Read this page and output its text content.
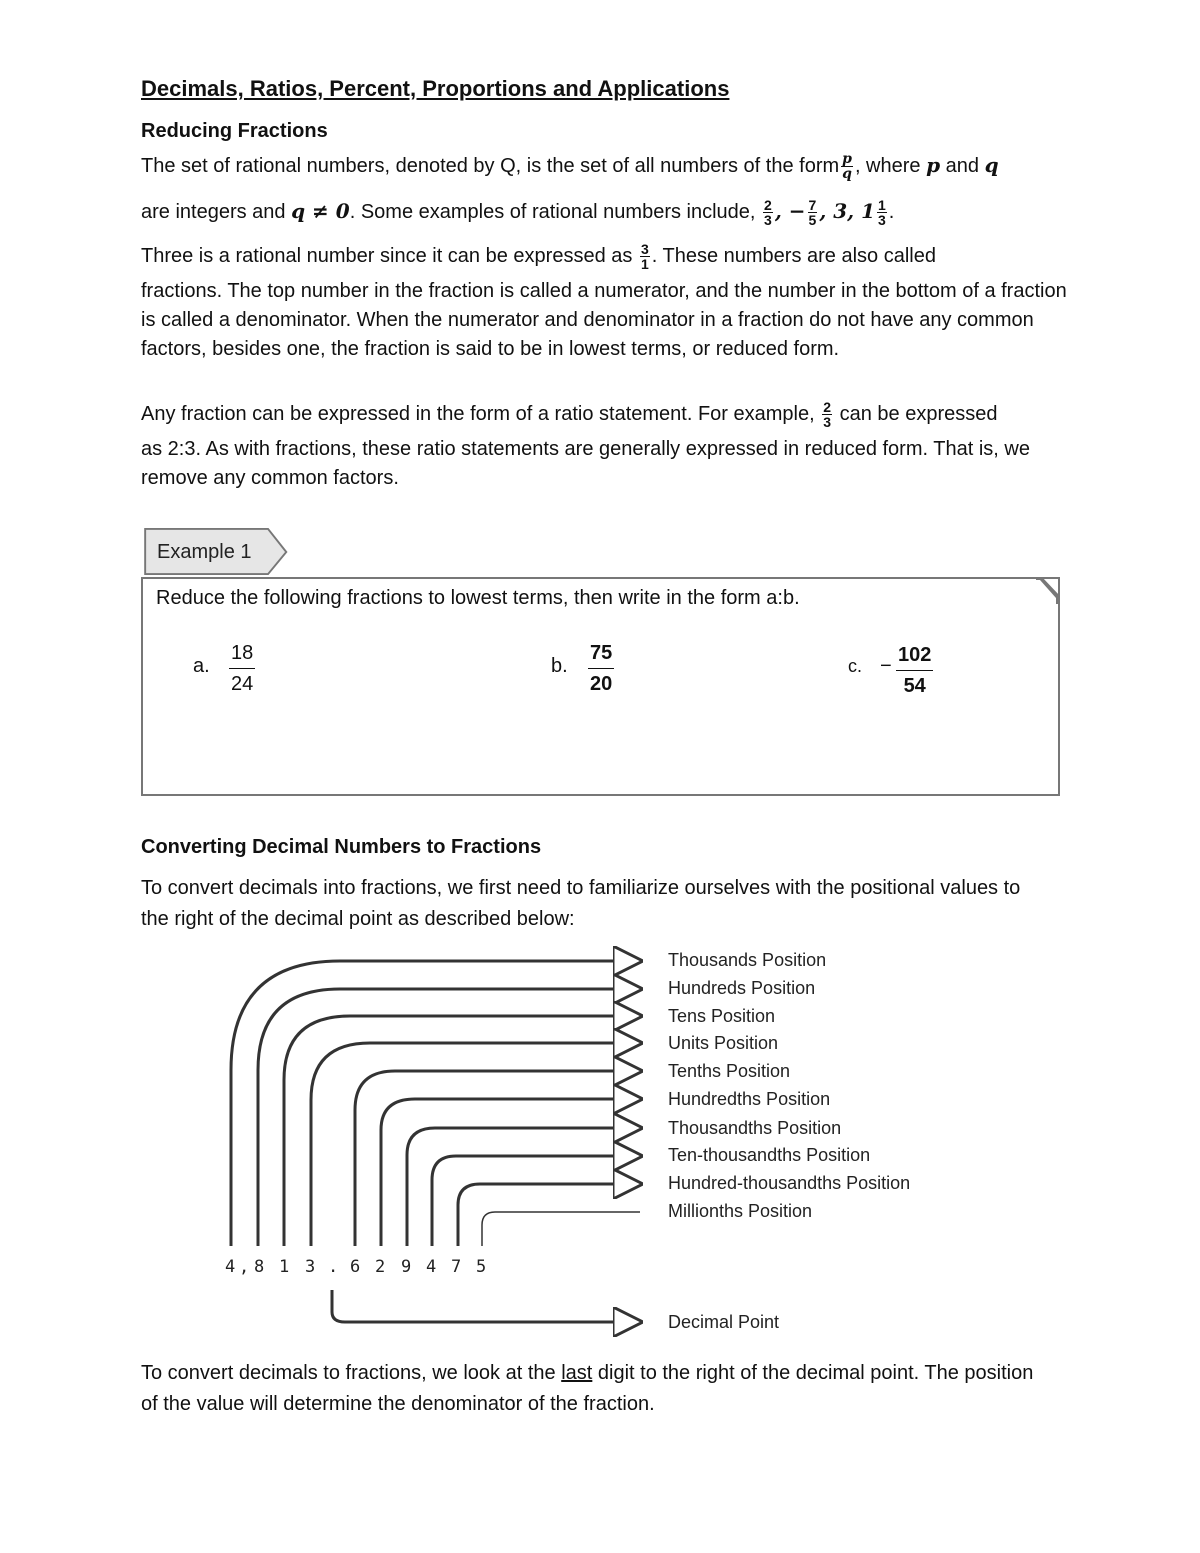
Decimals, Ratios, Percent, Proportions and Applications
Reducing Fractions
The set of rational numbers, denoted by Q, is the set of all numbers of the form $\frac{p}{q}$ , where p and q
are integers and q ≠ 0. Some examples of rational numbers include, $\frac{2}{3}$ , − $\frac{7}{5}$ , 3, $1 \frac{1}{3}$ .
Three is a rational number since it can be expressed as $\frac{3}{1}$ . These numbers are also called
fractions. The top number in the fraction is called a numerator, and the number in the bottom of a fraction is called a denominator. When the numerator and denominator in a fraction do not have any common factors, besides one, the fraction is said to be in lowest terms, or reduced form.
Any fraction can be expressed in the form of a ratio statement. For example, $\frac{2}{3}$ can be expressed
as 2:3. As with fractions, these ratio statements are generally expressed in reduced form. That is, we remove any common factors.
Example 1
Reduce the following fractions to lowest terms, then write in the form a:b.
a.
18
24
b.
75
20
c. − 102
54
Converting Decimal Numbers to Fractions
To convert decimals into fractions, we first need to familiarize ourselves with the positional values to the right of the decimal point as described below:
Thousands Position
Hundreds Position
Tens Position
Units Position
Tenths Position
Hundredths Position
Thousandths Position
Ten-thousandths Position
Hundred-thousandths Position
Millionths Position
4 , 8 1 3 . 6 2 9 4 7 5
Decimal Point
To convert decimals to fractions, we look at the last digit to the right of the decimal point. The position of the value will determine the denominator of the fraction.
